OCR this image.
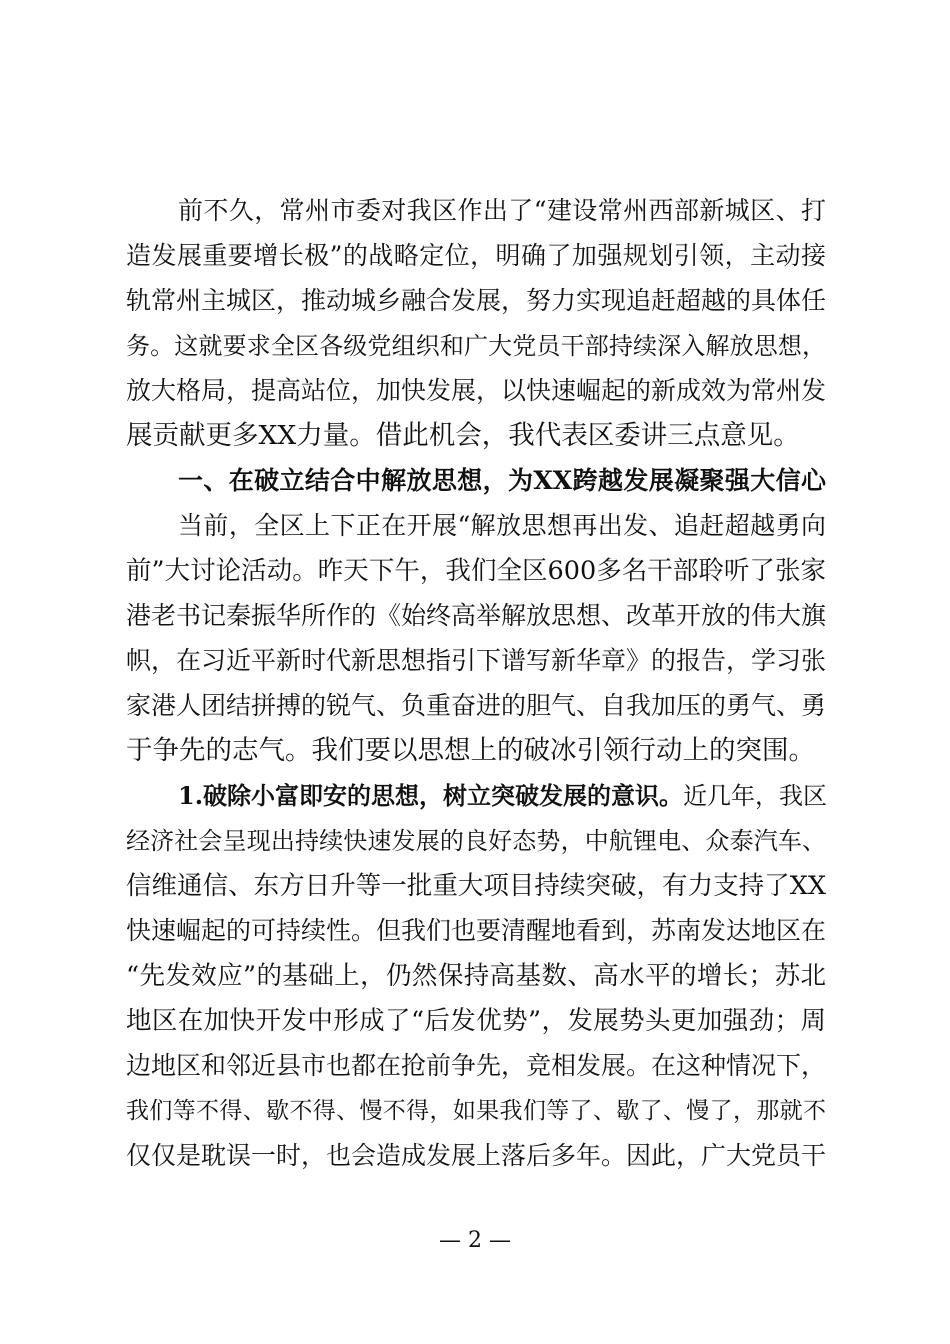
前不久，常州市委对我区作出了“建设常州西部新城区、打
造发展重要增长极”的战略定位，明确了加强规划引领，主动接
轨常州主城区，推动城乡融合发展，努力实现追赶超越的具体任
务。这就要求全区各级党组织和广大党员干部持续深入解放思想，
放大格局，提高站位，加快发展，以快速崛起的新成效为常州发
展贡献更多XX力量。借此机会，我代表区委讲三点意见。
一、在破立结合中解放思想，为XX跨越发展凝聚强大信心
当前，全区上下正在开展“解放思想再出发、追赶超越勇向
前”大讨论活动。昨天下午，我们全区600多名干部聆听了张家
港老书记秦振华所作的《始终高举解放思想、改革开放的伟大旗
帜，在习近平新时代新思想指引下谱写新华章》的报告，学习张
家港人团结拼搏的锐气、负重奋进的胆气、自我加压的勇气、勇
于争先的志气。我们要以思想上的破冰引领行动上的突围。
1.破除小富即安的思想，树立突破发展的意识。近几年，我区
经济社会呈现出持续快速发展的良好态势，中航锂电、众泰汽车、
信维通信、东方日升等一批重大项目持续突破，有力支持了XX
快速崛起的可持续性。但我们也要清醒地看到，苏南发达地区在
“先发效应”的基础上，仍然保持高基数、高水平的增长；苏北
地区在加快开发中形成了“后发优势”，发展势头更加强劲；周
边地区和邻近县市也都在抢前争先，竞相发展。在这种情况下，
我们等不得、歇不得、慢不得，如果我们等了、歇了、慢了，那就不
仅仅是耽误一时，也会造成发展上落后多年。因此，广大党员干
— 2 —
